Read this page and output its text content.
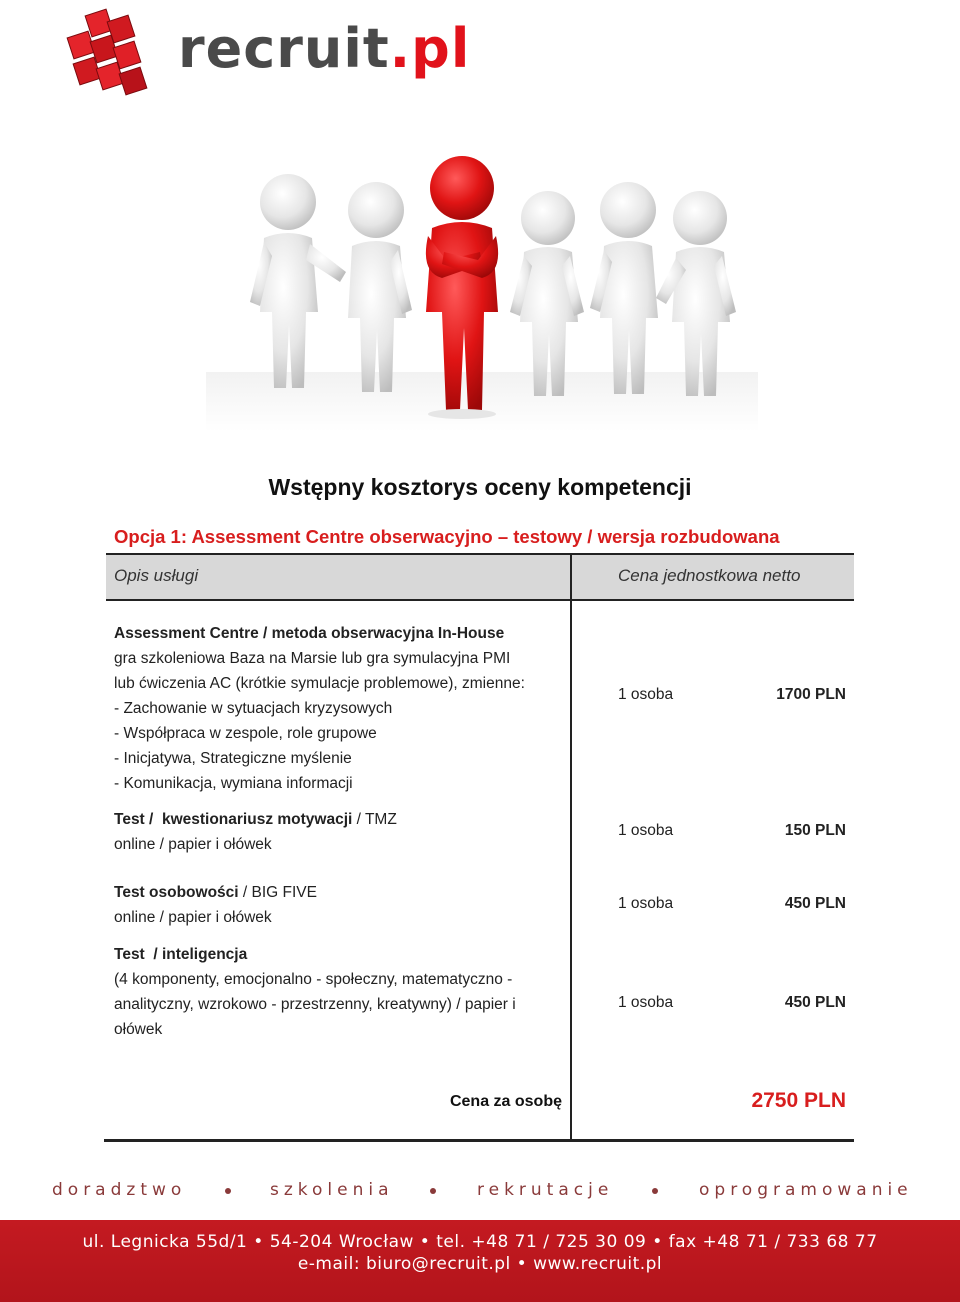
recruit.pl
Wstępny kosztorys oceny kompetencji
Opcja 1: Assessment Centre obserwacyjno – testowy / wersja rozbudowana
Opis usługi	Cena jednostkowa netto
Assessment Centre / metoda obserwacyjna In-House
gra szkoleniowa Baza na Marsie lub gra symulacyjna PMI
lub ćwiczenia AC (krótkie symulacje problemowe), zmienne:
- Zachowanie w sytuacjach kryzysowych
- Współpraca w zespole, role grupowe
- Inicjatywa, Strategiczne myślenie
- Komunikacja, wymiana informacji
1 osoba	1700 PLN
Test /  kwestionariusz motywacji / TMZ
online / papier i ołówek
1 osoba	150 PLN
Test osobowości / BIG FIVE
online / papier i ołówek
1 osoba	450 PLN
Test  / inteligencja
(4 komponenty, emocjonalno - społeczny, matematyczno -
analityczny, wzrokowo - przestrzenny, kreatywny) / papier i
ołówek
1 osoba	450 PLN
Cena za osobę	2750 PLN
doradztwo	szkolenia	rekrutacje	oprogramowanie
ul. Legnicka 55d/1 • 54-204 Wrocław • tel. +48 71 / 725 30 09 • fax +48 71 / 733 68 77
e-mail: biuro@recruit.pl • www.recruit.pl
